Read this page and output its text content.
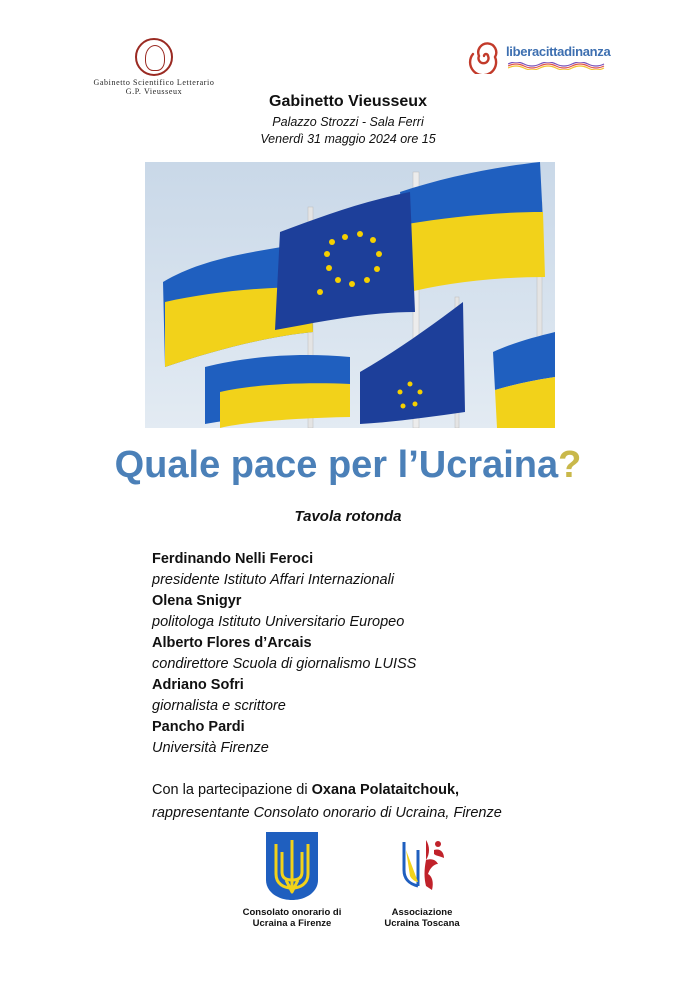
Gabinetto Scientifico Letterario
G.P. Vieusseux
liberacittadinanza
Gabinetto Vieusseux
Palazzo Strozzi - Sala Ferri
Venerdì 31 maggio 2024 ore 15
Quale pace per l’Ucraina?
Tavola rotonda
Ferdinando Nelli Feroci
presidente Istituto Affari Internazionali
Olena Snigyr
politologa Istituto Universitario Europeo
Alberto Flores d’Arcais
condirettore Scuola di giornalismo LUISS
Adriano Sofri
giornalista e scrittore
Pancho Pardi
Università Firenze
Con la partecipazione di Oxana Polataitchouk,
rappresentante Consolato onorario di Ucraina, Firenze
Consolato onorario di
Ucraina a Firenze
Associazione
Ucraina Toscana
